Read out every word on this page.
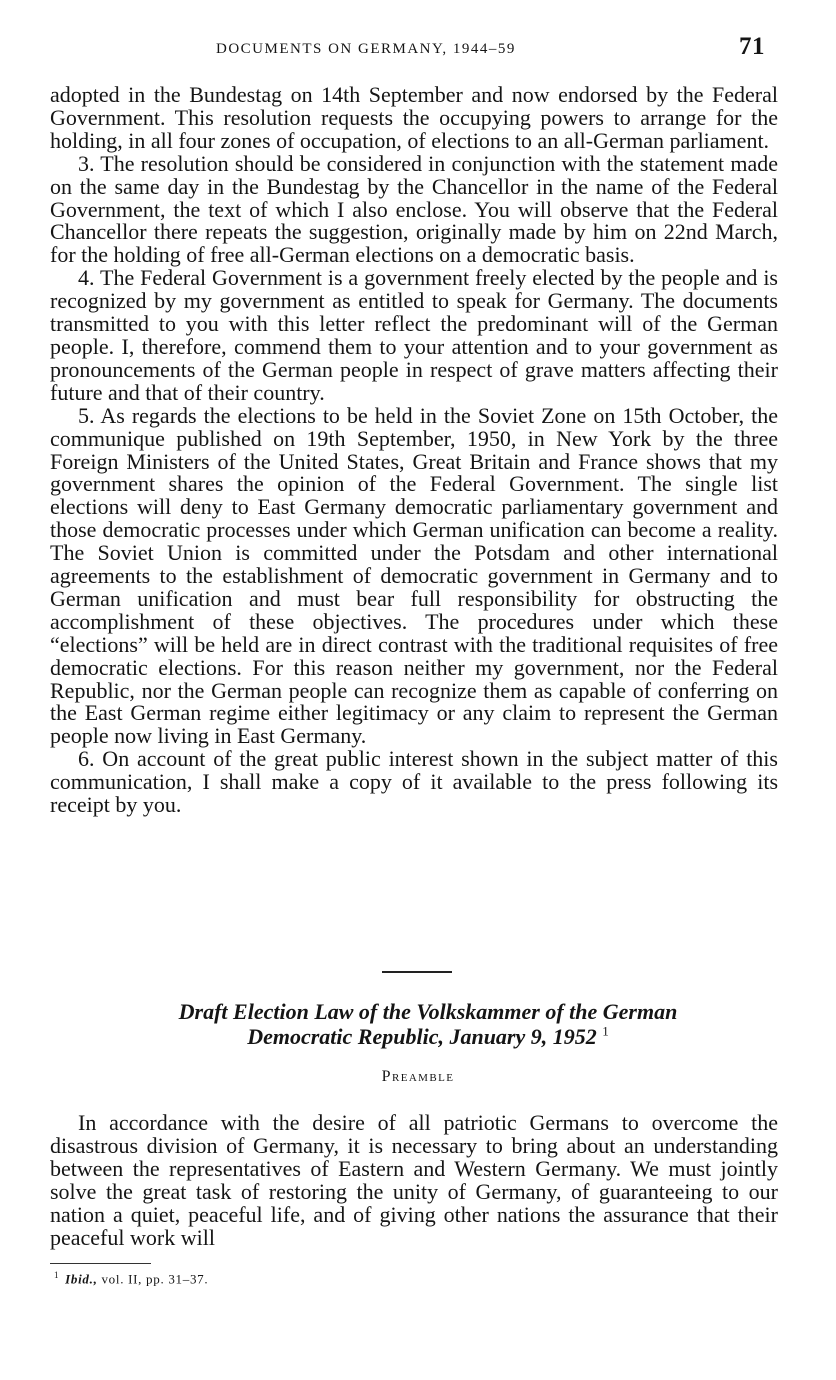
DOCUMENTS ON GERMANY, 1944–59	71

adopted in the Bundestag on 14th September and now endorsed by the Federal Government. This resolution requests the occupying powers to arrange for the holding, in all four zones of occupation, of elections to an all-German parliament.

3. The resolution should be considered in conjunction with the statement made on the same day in the Bundestag by the Chancellor in the name of the Federal Government, the text of which I also enclose. You will observe that the Federal Chancellor there repeats the suggestion, originally made by him on 22nd March, for the holding of free all-German elections on a democratic basis.

4. The Federal Government is a government freely elected by the people and is recognized by my government as entitled to speak for Germany. The documents transmitted to you with this letter reflect the predominant will of the German people. I, therefore, commend them to your attention and to your government as pronouncements of the German people in respect of grave matters affecting their future and that of their country.

5. As regards the elections to be held in the Soviet Zone on 15th October, the communique published on 19th September, 1950, in New York by the three Foreign Ministers of the United States, Great Britain and France shows that my government shares the opinion of the Federal Government. The single list elections will deny to East Germany democratic parliamentary government and those democratic processes under which German unification can become a reality. The Soviet Union is committed under the Potsdam and other international agreements to the establishment of democratic government in Germany and to German unification and must bear full responsibility for obstructing the accomplishment of these objectives. The procedures under which these “elections” will be held are in direct contrast with the traditional requisites of free democratic elections. For this reason neither my government, nor the Federal Republic, nor the German people can recognize them as capable of conferring on the East German regime either legitimacy or any claim to represent the German people now living in East Germany.

6. On account of the great public interest shown in the subject matter of this communication, I shall make a copy of it available to the press following its receipt by you.

Draft Election Law of the Volkskammer of the German
Democratic Republic, January 9, 1952 $^1$
Preamble

In accordance with the desire of all patriotic Germans to overcome the disastrous division of Germany, it is necessary to bring about an understanding between the representatives of Eastern and Western Germany. We must jointly solve the great task of restoring the unity of Germany, of guaranteeing to our nation a quiet, peaceful life, and of giving other nations the assurance that their peaceful work will

$^1$ Ibid., vol. II, pp. 31–37.
